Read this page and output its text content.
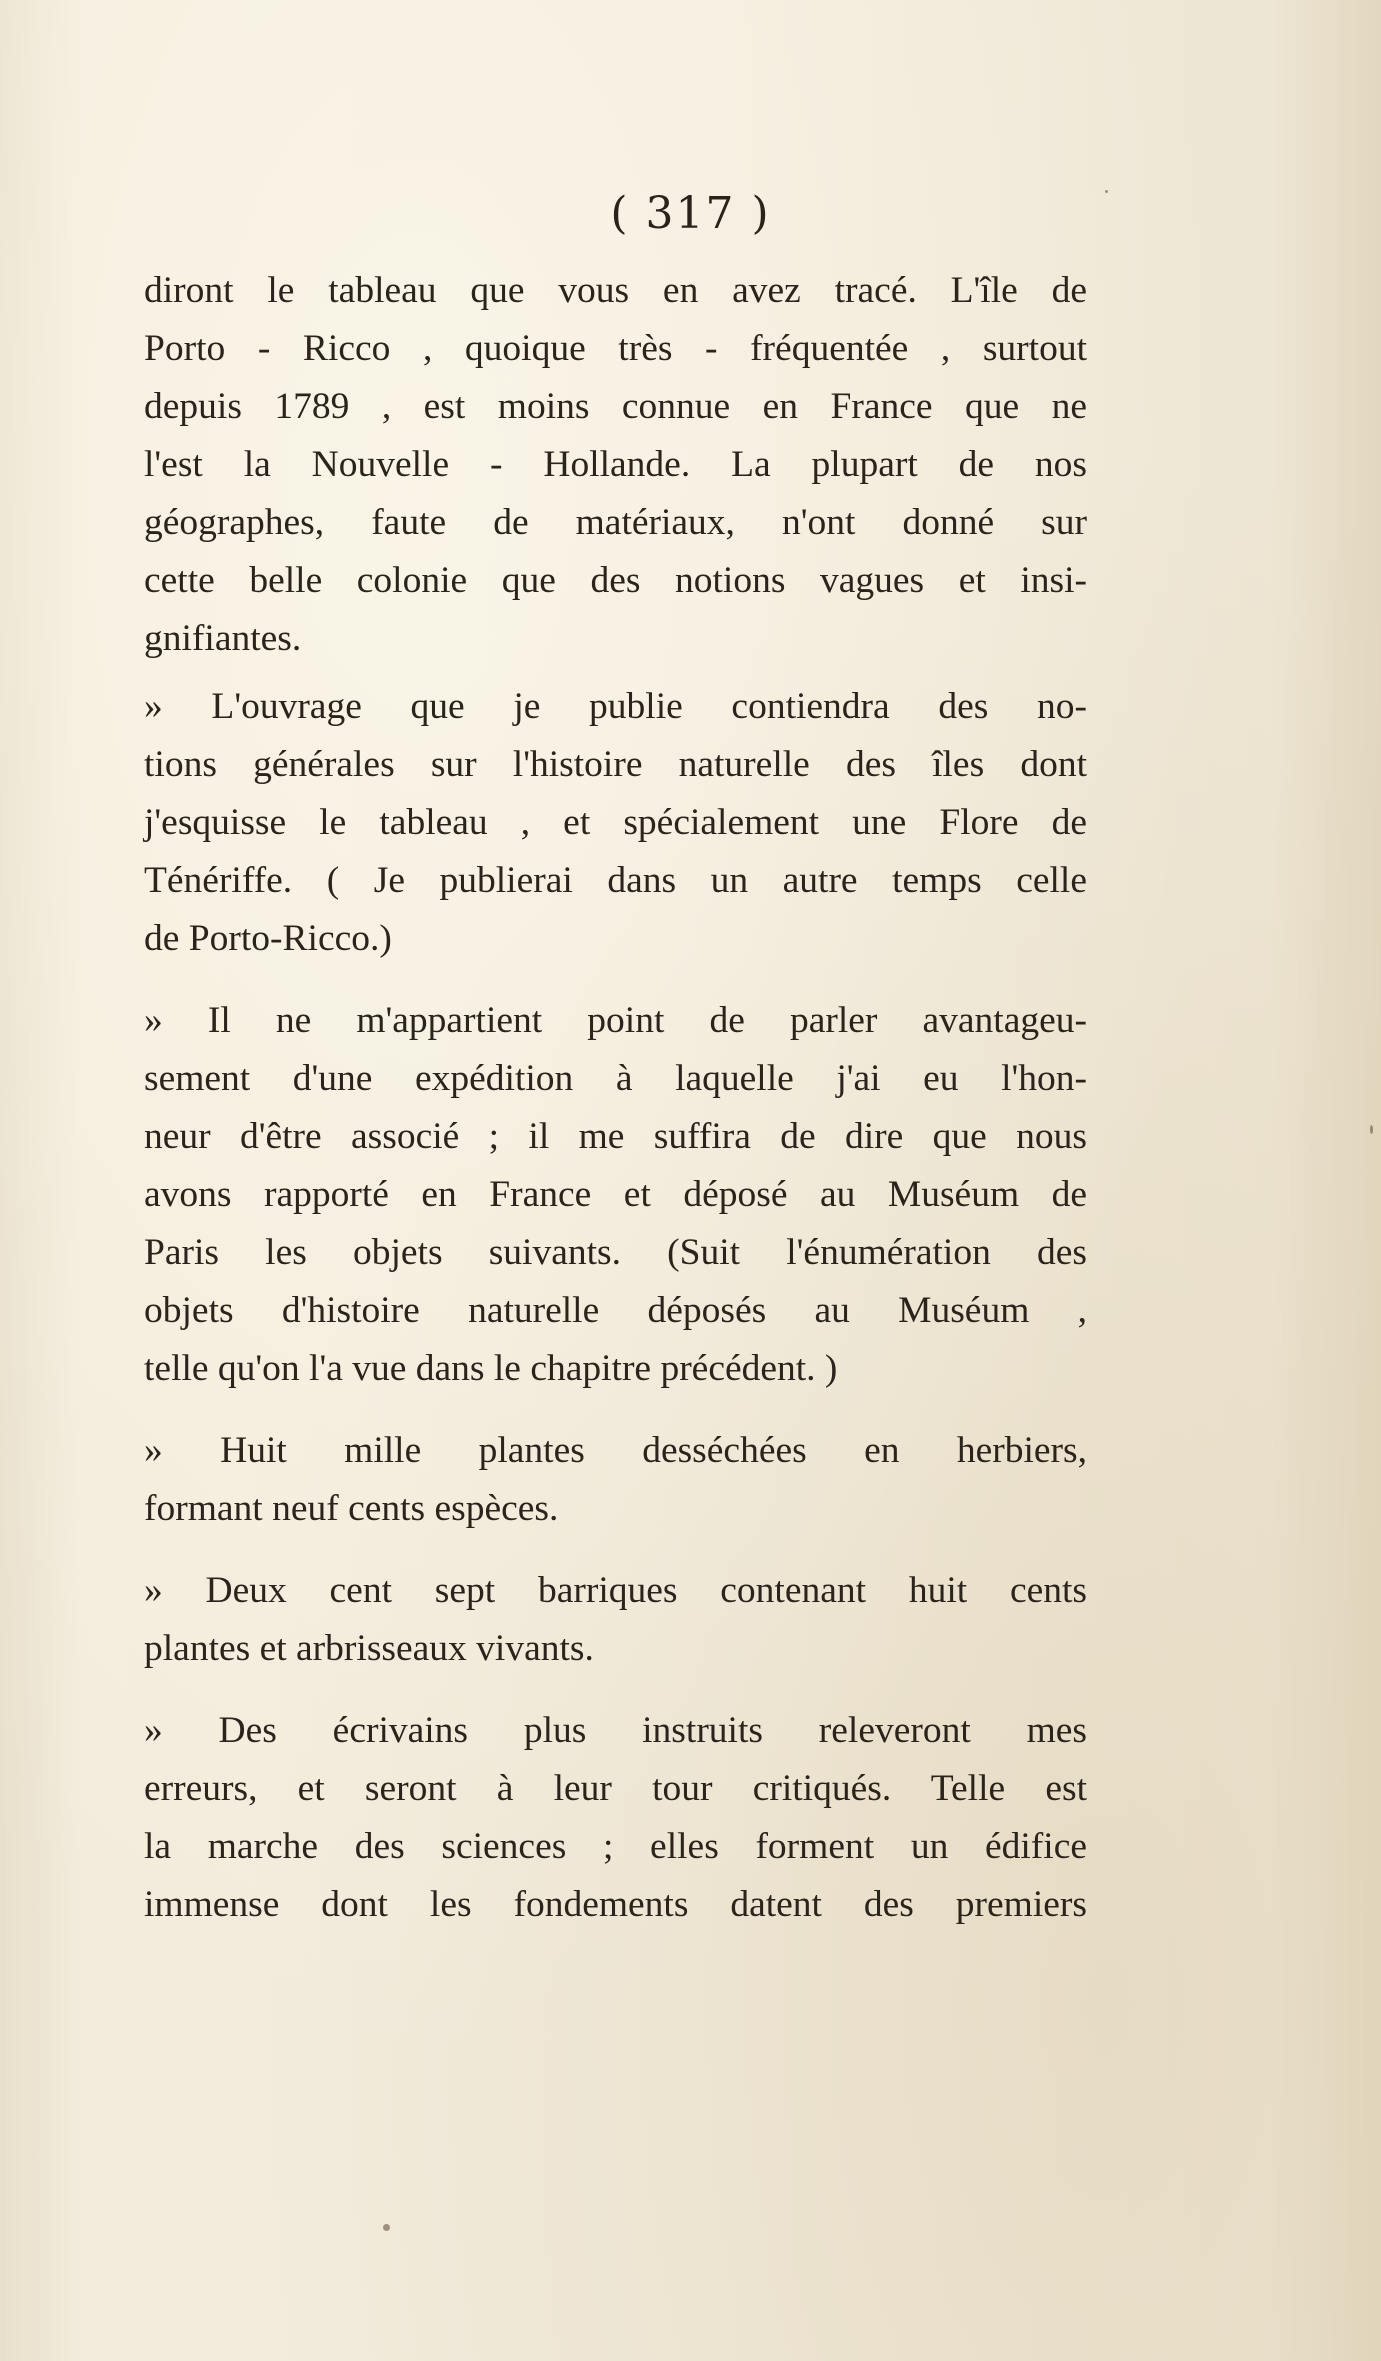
( 317 )
diront le tableau que vous en avez tracé. L'île de
Porto - Ricco , quoique très - fréquentée , surtout
depuis 1789 , est moins connue en France que ne
l'est la Nouvelle - Hollande. La plupart de nos
géographes, faute de matériaux, n'ont donné sur
cette belle colonie que des notions vagues et insi-
gnifiantes.
» L'ouvrage que je publie contiendra des no-
tions générales sur l'histoire naturelle des îles dont
j'esquisse le tableau , et spécialement une Flore de
Ténériffe. ( Je publierai dans un autre temps celle
de Porto-Ricco.)
» Il ne m'appartient point de parler avantageu-
sement d'une expédition à laquelle j'ai eu l'hon-
neur d'être associé ; il me suffira de dire que nous
avons rapporté en France et déposé au Muséum de
Paris les objets suivants. (Suit l'énumération des
objets d'histoire naturelle déposés au Muséum ,
telle qu'on l'a vue dans le chapitre précédent. )
» Huit mille plantes desséchées en herbiers,
formant neuf cents espèces.
» Deux cent sept barriques contenant huit cents
plantes et arbrisseaux vivants.
» Des écrivains plus instruits releveront mes
erreurs, et seront à leur tour critiqués. Telle est
la marche des sciences ; elles forment un édifice
immense dont les fondements datent des premiers
